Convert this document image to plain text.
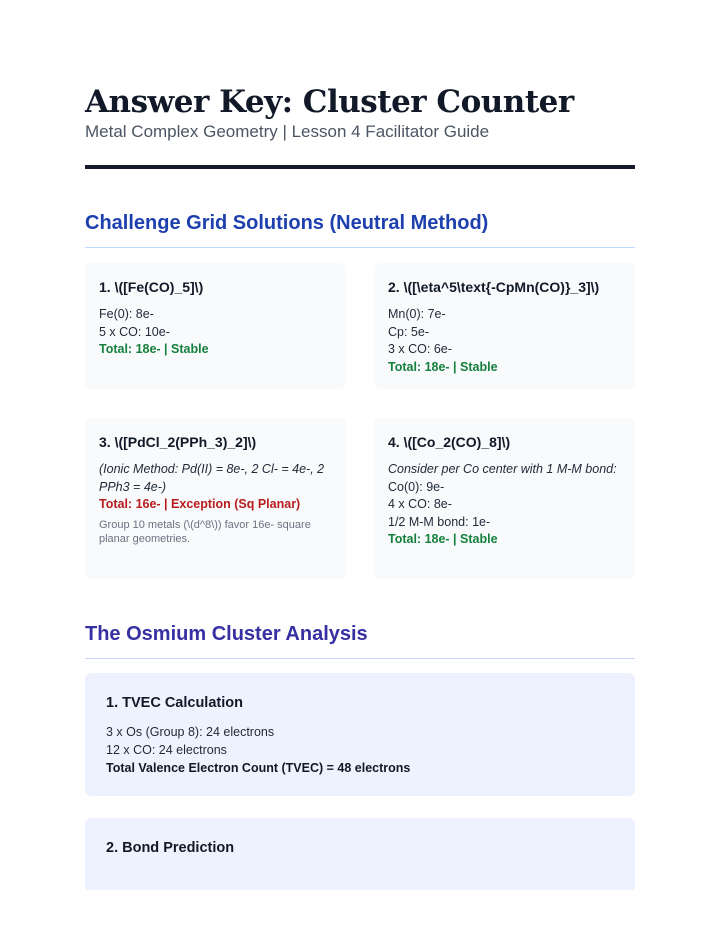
Answer Key: Cluster Counter
Metal Complex Geometry | Lesson 4 Facilitator Guide
Challenge Grid Solutions (Neutral Method)
1. \([Fe(CO)_5]\)
Fe(0): 8e-
5 x CO: 10e-
Total: 18e- | Stable
2. \([\eta^5\text{-CpMn(CO)}_3]\)
Mn(0): 7e-
Cp: 5e-
3 x CO: 6e-
Total: 18e- | Stable
3. \([PdCl_2(PPh_3)_2]\)
(Ionic Method: Pd(II) = 8e-, 2 Cl- = 4e-, 2 PPh3 = 4e-)
Total: 16e- | Exception (Sq Planar)
Group 10 metals (\(d^8\)) favor 16e- square planar geometries.
4. \([Co_2(CO)_8]\)
Consider per Co center with 1 M-M bond:
Co(0): 9e-
4 x CO: 8e-
1/2 M-M bond: 1e-
Total: 18e- | Stable
The Osmium Cluster Analysis
1. TVEC Calculation
3 x Os (Group 8): 24 electrons
12 x CO: 24 electrons
Total Valence Electron Count (TVEC) = 48 electrons
2. Bond Prediction
